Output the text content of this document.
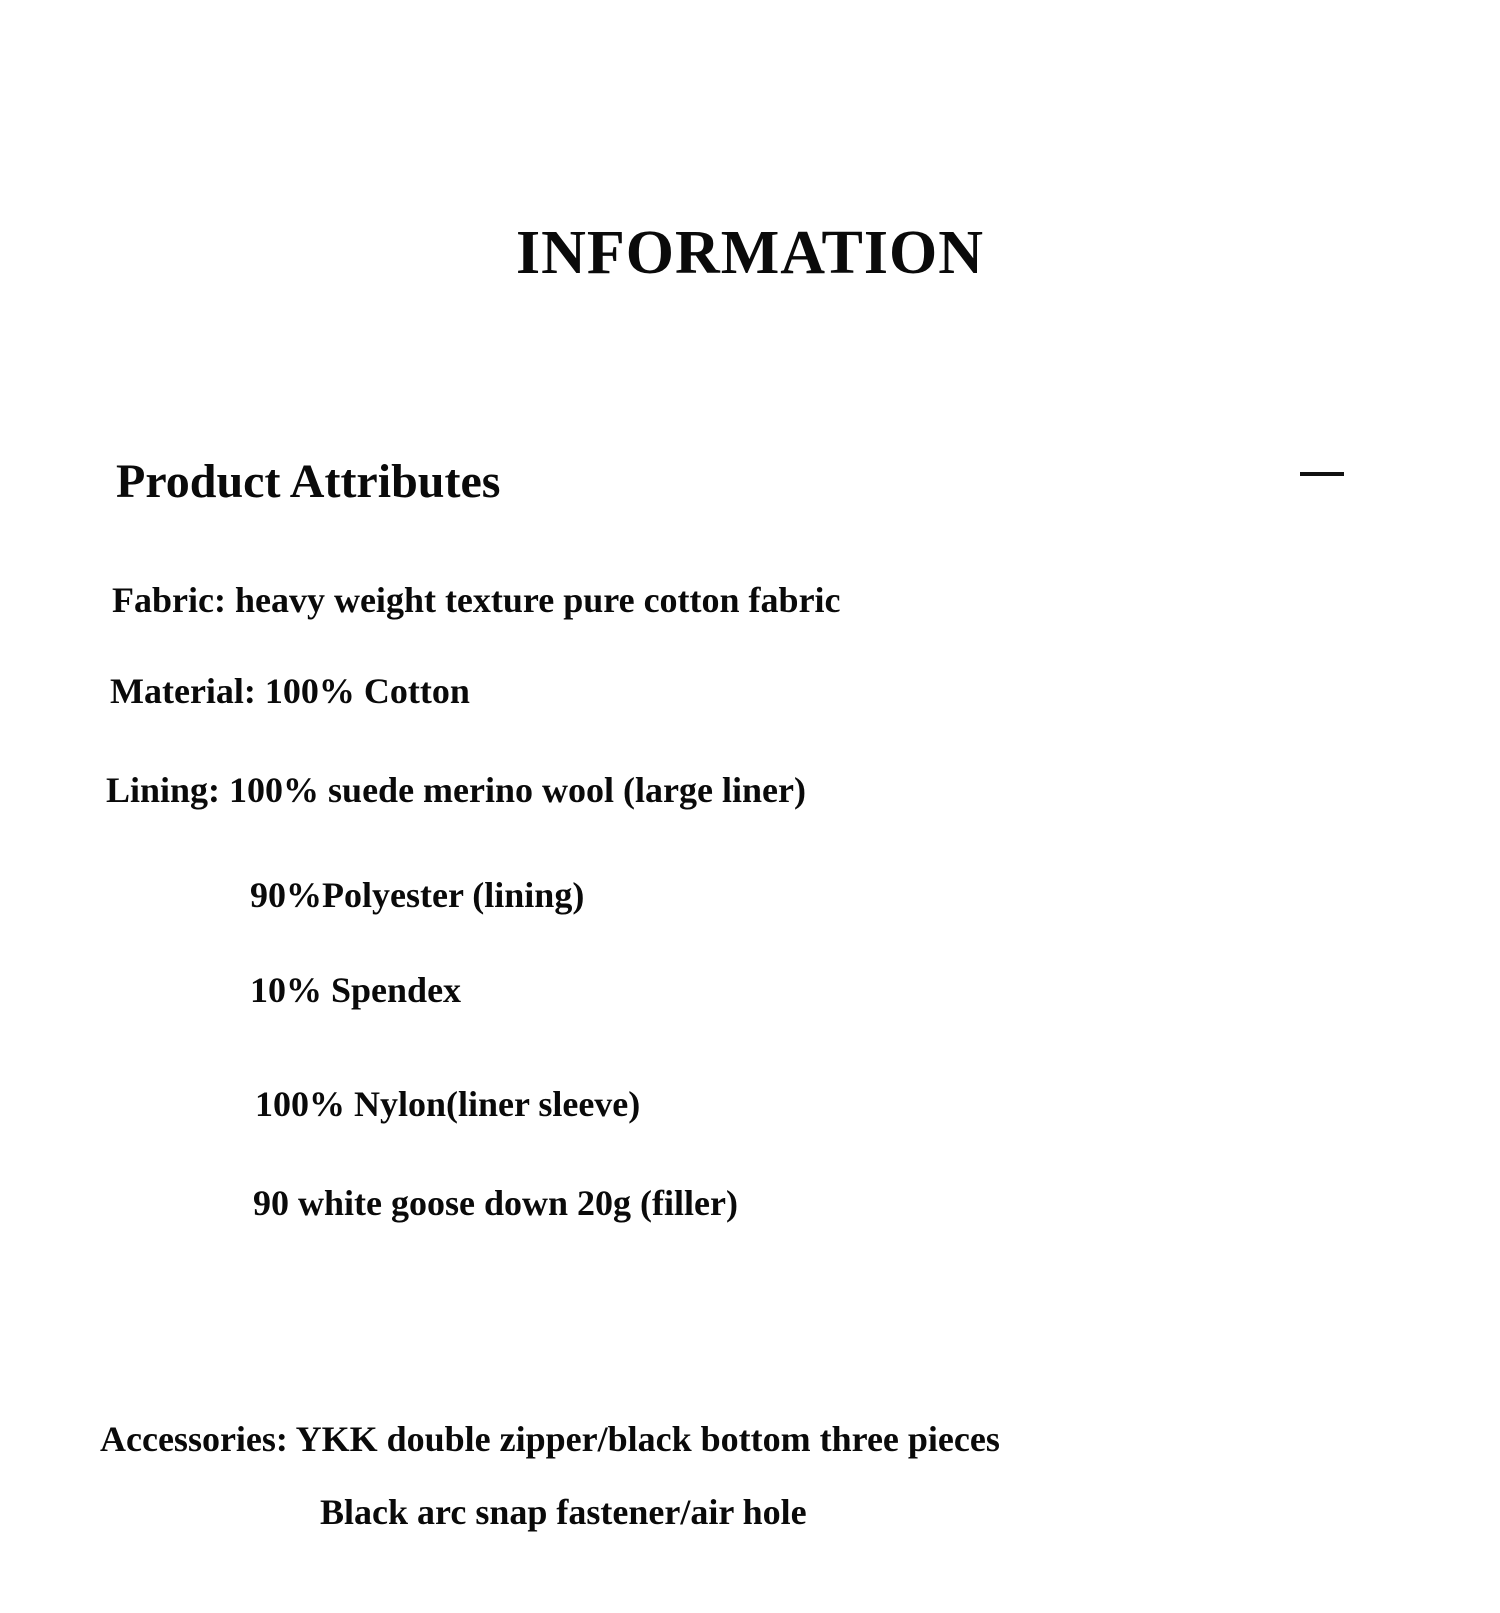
INFORMATION
Product Attributes
Fabric: heavy weight texture pure cotton fabric
Material: 100% Cotton
Lining: 100% suede merino wool (large liner)
90%Polyester (lining)
10% Spendex
100% Nylon(liner sleeve)
90 white goose down 20g (filler)
Accessories: YKK double zipper/black bottom three pieces
Black arc snap fastener/air hole
